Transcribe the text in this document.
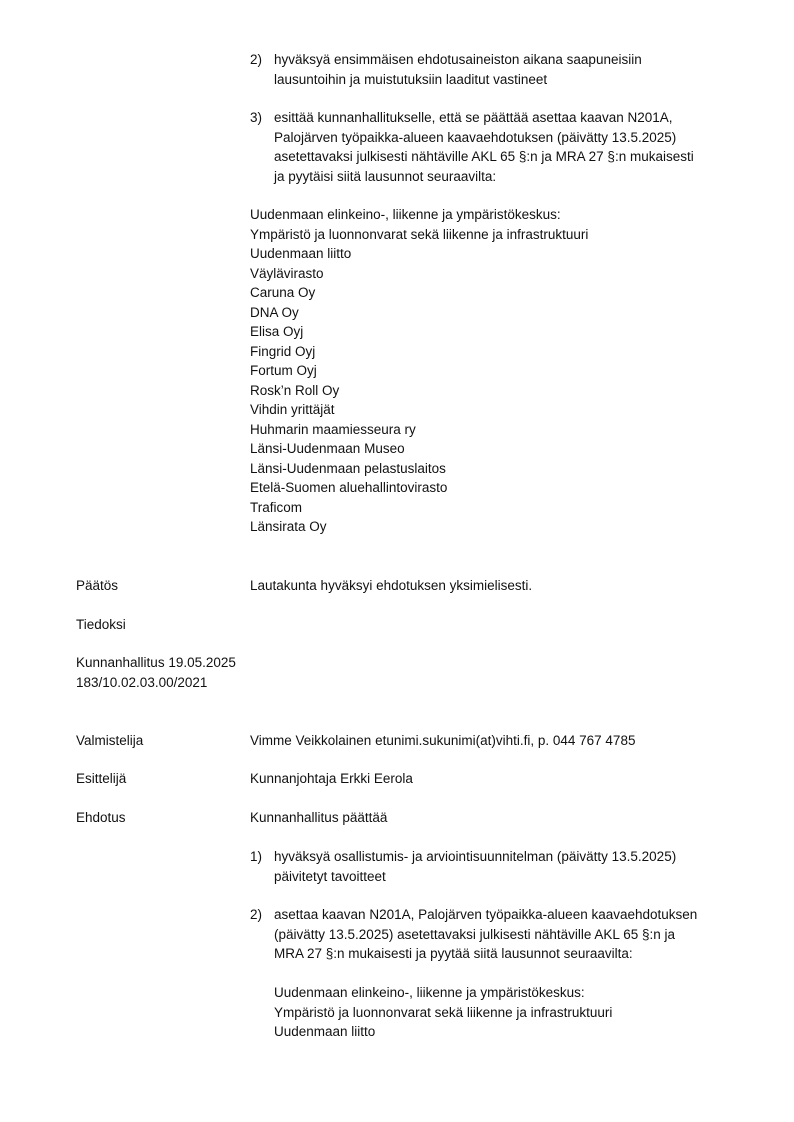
2) hyväksyä ensimmäisen ehdotusaineiston aikana saapuneisiin
lausuntoihin ja muistutuksiin laaditut vastineet
3) esittää kunnanhallitukselle, että se päättää asettaa kaavan N201A,
Palojärven työpaikka-alueen kaavaehdotuksen (päivätty 13.5.2025)
asetettavaksi julkisesti nähtäville AKL 65 §:n ja MRA 27 §:n mukaisesti
ja pyytäisi siitä lausunnot seuraavilta:
Uudenmaan elinkeino-, liikenne ja ympäristökeskus:
Ympäristö ja luonnonvarat sekä liikenne ja infrastruktuuri
Uudenmaan liitto
Väylävirasto
Caruna Oy
DNA Oy
Elisa Oyj
Fingrid Oyj
Fortum Oyj
Rosk’n Roll Oy
Vihdin yrittäjät
Huhmarin maamiesseura ry
Länsi-Uudenmaan Museo
Länsi-Uudenmaan pelastuslaitos
Etelä-Suomen aluehallintovirasto
Traficom
Länsirata Oy
Päätös	Lautakunta hyväksyi ehdotuksen yksimielisesti.
Tiedoksi
Kunnanhallitus 19.05.2025
183/10.02.03.00/2021
Valmistelija	Vimme Veikkolainen etunimi.sukunimi(at)vihti.fi, p. 044 767 4785
Esittelijä	Kunnanjohtaja Erkki Eerola
Ehdotus	Kunnanhallitus päättää
1) hyväksyä osallistumis- ja arviointisuunnitelman (päivätty 13.5.2025)
päivitetyt tavoitteet
2) asettaa kaavan N201A, Palojärven työpaikka-alueen kaavaehdotuksen
(päivätty 13.5.2025) asetettavaksi julkisesti nähtäville AKL 65 §:n ja
MRA 27 §:n mukaisesti ja pyytää siitä lausunnot seuraavilta:
Uudenmaan elinkeino-, liikenne ja ympäristökeskus:
Ympäristö ja luonnonvarat sekä liikenne ja infrastruktuuri
Uudenmaan liitto
